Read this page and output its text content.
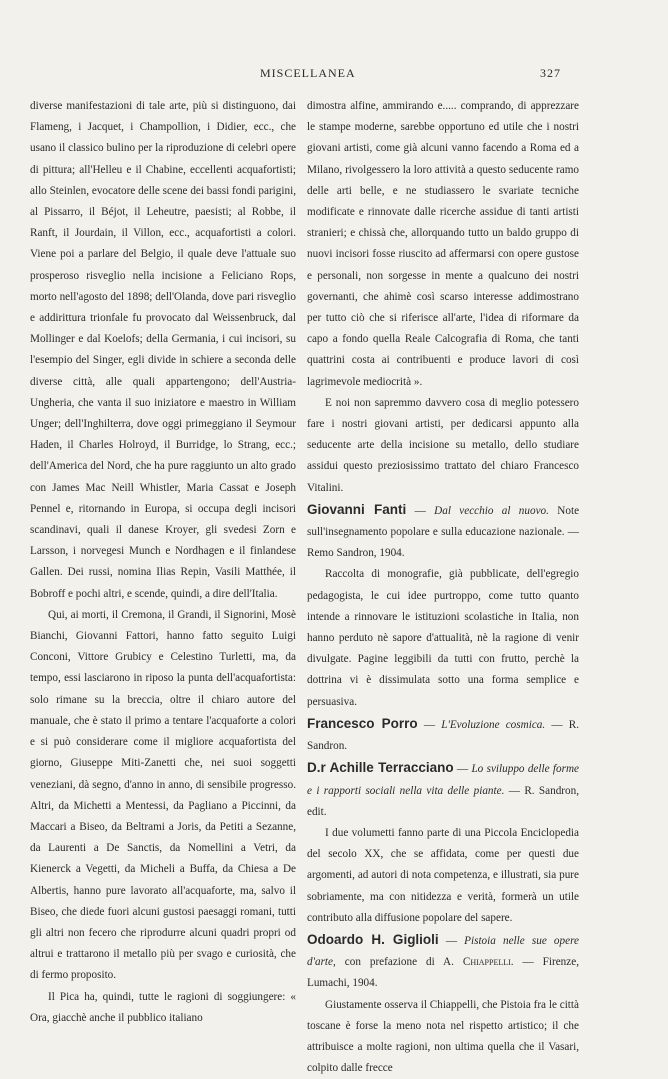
MISCELLANEA	327

diverse manifestazioni di tale arte, più si distinguono, dai Flameng, i Jacquet, i Champollion, i Didier, ecc., che usano il classico bulino per la riproduzione di celebri opere di pittura; all'Helleu e il Chabine, eccellenti acquafortisti; allo Steinlen, evocatore delle scene dei bassi fondi parigini, al Pissarro, il Béjot, il Leheutre, paesisti; al Robbe, il Ranft, il Jourdain, il Villon, ecc., acquafortisti a colori. Viene poi a parlare del Belgio, il quale deve l'attuale suo prosperoso risveglio nella incisione a Feliciano Rops, morto nell'agosto del 1898; dell'Olanda, dove pari risveglio e addirittura trionfale fu provocato dal Weissenbruck, dal Mollinger e dal Koelofs; della Germania, i cui incisori, su l'esempio del Singer, egli divide in schiere a seconda delle diverse città, alle quali appartengono; dell'Austria-Ungheria, che vanta il suo iniziatore e maestro in William Unger; dell'Inghilterra, dove oggi primeggiano il Seymour Haden, il Charles Holroyd, il Burridge, lo Strang, ecc.; dell'America del Nord, che ha pure raggiunto un alto grado con James Mac Neill Whistler, Maria Cassat e Joseph Pennel e, ritornando in Europa, si occupa degli incisori scandinavi, quali il danese Kroyer, gli svedesi Zorn e Larsson, i norvegesi Munch e Nordhagen e il finlandese Gallen. Dei russi, nomina Ilias Repin, Vasili Matthée, il Bobroff e pochi altri, e scende, quindi, a dire dell'Italia.

Qui, ai morti, il Cremona, il Grandi, il Signorini, Mosè Bianchi, Giovanni Fattori, hanno fatto seguito Luigi Conconi, Vittore Grubicy e Celestino Turletti, ma, da tempo, essi lasciarono in riposo la punta dell'acquafortista: solo rimane su la breccia, oltre il chiaro autore del manuale, che è stato il primo a tentare l'acquaforte a colori e si può considerare come il migliore acquafortista del giorno, Giuseppe Miti-Zanetti che, nei suoi soggetti veneziani, dà segno, d'anno in anno, di sensibile progresso. Altri, da Michetti a Mentessi, da Pagliano a Piccinni, da Maccari a Biseo, da Beltrami a Joris, da Petiti a Sezanne, da Laurenti a De Sanctis, da Nomellini a Vetri, da Kienerck a Vegetti, da Micheli a Buffa, da Chiesa a De Albertis, hanno pure lavorato all'acquaforte, ma, salvo il Biseo, che diede fuori alcuni gustosi paesaggi romani, tutti gli altri non fecero che riprodurre alcuni quadri propri od altrui e trattarono il metallo più per svago e curiosità, che di fermo proposito.

Il Pica ha, quindi, tutte le ragioni di soggiungere: « Ora, giacchè anche il pubblico italiano

dimostra alfine, ammirando e..... comprando, di apprezzare le stampe moderne, sarebbe opportuno ed utile che i nostri giovani artisti, come già alcuni vanno facendo a Roma ed a Milano, rivolgessero la loro attività a questo seducente ramo delle arti belle, e ne studiassero le svariate tecniche modificate e rinnovate dalle ricerche assidue di tanti artisti stranieri; e chissà che, allorquando tutto un baldo gruppo di nuovi incisori fosse riuscito ad affermarsi con opere gustose e personali, non sorgesse in mente a qualcuno dei nostri governanti, che ahimè così scarso interesse addimostrano per tutto ciò che si riferisce all'arte, l'idea di riformare da capo a fondo quella Reale Calcografia di Roma, che tanti quattrini costa ai contribuenti e produce lavori di così lagrimevole mediocrità ».

E noi non sapremmo davvero cosa di meglio potessero fare i nostri giovani artisti, per dedicarsi appunto alla seducente arte della incisione su metallo, dello studiare assidui questo preziosissimo trattato del chiaro Francesco Vitalini.

Giovanni Fanti — Dal vecchio al nuovo. Note sull'insegnamento popolare e sulla educazione nazionale. — Remo Sandron, 1904.

Raccolta di monografie, già pubblicate, dell'egregio pedagogista, le cui idee purtroppo, come tutto quanto intende a rinnovare le istituzioni scolastiche in Italia, non hanno perduto nè sapore d'attualità, nè la ragione di venir divulgate. Pagine leggibili da tutti con frutto, perchè la dottrina vi è dissimulata sotto una forma semplice e persuasiva.

Francesco Porro — L'Evoluzione cosmica. — R. Sandron.

D.r Achille Terracciano — Lo sviluppo delle forme e i rapporti sociali nella vita delle piante. — R. Sandron, edit.

I due volumetti fanno parte di una Piccola Enciclopedia del secolo XX, che se affidata, come per questi due argomenti, ad autori di nota competenza, e illustrati, sia pure sobriamente, ma con nitidezza e verità, formerà un utile contributo alla diffusione popolare del sapere.

Odoardo H. Giglioli — Pistoia nelle sue opere d'arte, con prefazione di A. Chiappelli. — Firenze, Lumachi, 1904.

Giustamente osserva il Chiappelli, che Pistoia fra le città toscane è forse la meno nota nel rispetto artistico; il che attribuisce a molte ragioni, non ultima quella che il Vasari, colpito dalle frecce
